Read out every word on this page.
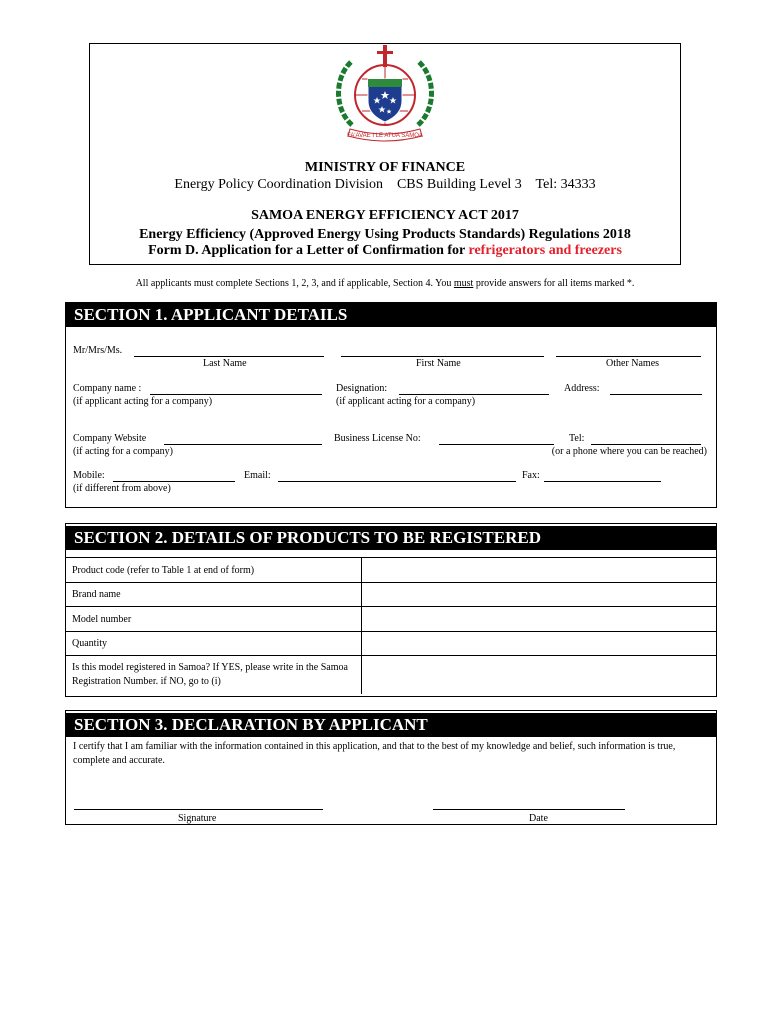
FA'AVAE I LE ATUA SAMOA
MINISTRY OF FINANCE
Energy Policy Coordination Division    CBS Building Level 3    Tel: 34333
SAMOA ENERGY EFFICIENCY ACT 2017
Energy Efficiency (Approved Energy Using Products Standards) Regulations 2018
Form D. Application for a Letter of Confirmation for refrigerators and freezers
All applicants must complete Sections 1, 2, 3, and if applicable, Section 4. You must provide answers for all items marked *.
SECTION 1. APPLICANT DETAILS
Mr/Mrs/Ms.
Last Name	First Name	Other Names
Company name :
(if applicant acting for a company)
Designation:
(if applicant acting for a company)
Address:
Company Website
(if acting for a company)
Business License No:	Tel:
(or a phone where you can be reached)
Mobile:
(if different from above)
Email:	Fax:
SECTION 2. DETAILS OF PRODUCTS TO BE REGISTERED
Product code (refer to Table 1 at end of form)	
Brand name	
Model number	
Quantity	
Is this model registered in Samoa? If YES, please write in the Samoa Registration Number. if NO, go to (i)	
SECTION 3. DECLARATION BY APPLICANT
I certify that I am familiar with the information contained in this application, and that to the best of my knowledge and belief, such information is true, complete and accurate.
Signature	Date
